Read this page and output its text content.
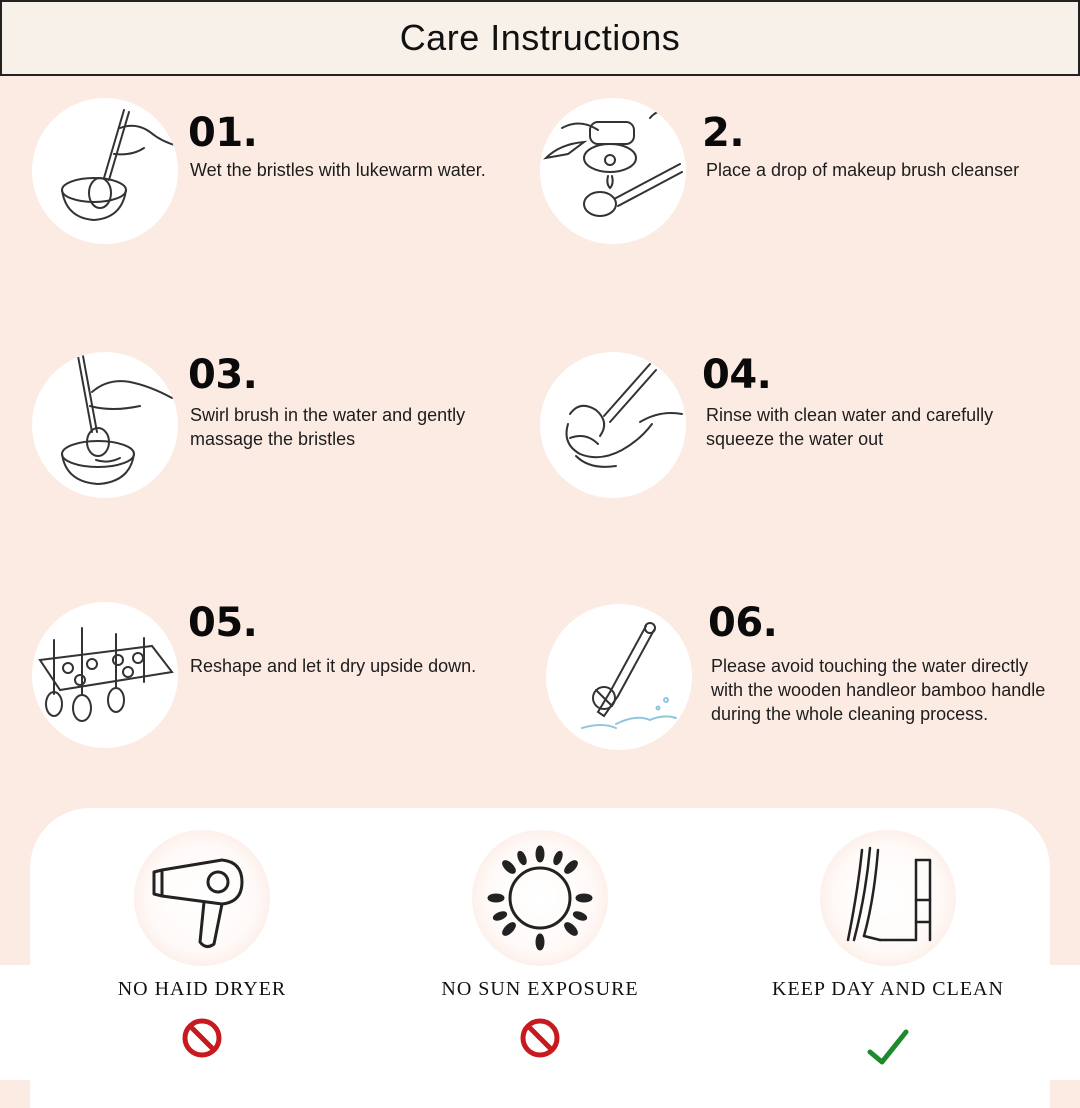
Care Instructions
01.
Wet the bristles with lukewarm water.
2.
Place a drop of makeup brush cleanser
03.
Swirl brush in the water and gently massage the bristles
04.
Rinse with clean water and carefully squeeze the water out
05.
Reshape and let it dry upside down.
06.
Please avoid touching the water directly with the wooden handleor bamboo handle during the whole cleaning process.
NO HAID DRYER	NO SUN EXPOSURE	KEEP DAY AND CLEAN
